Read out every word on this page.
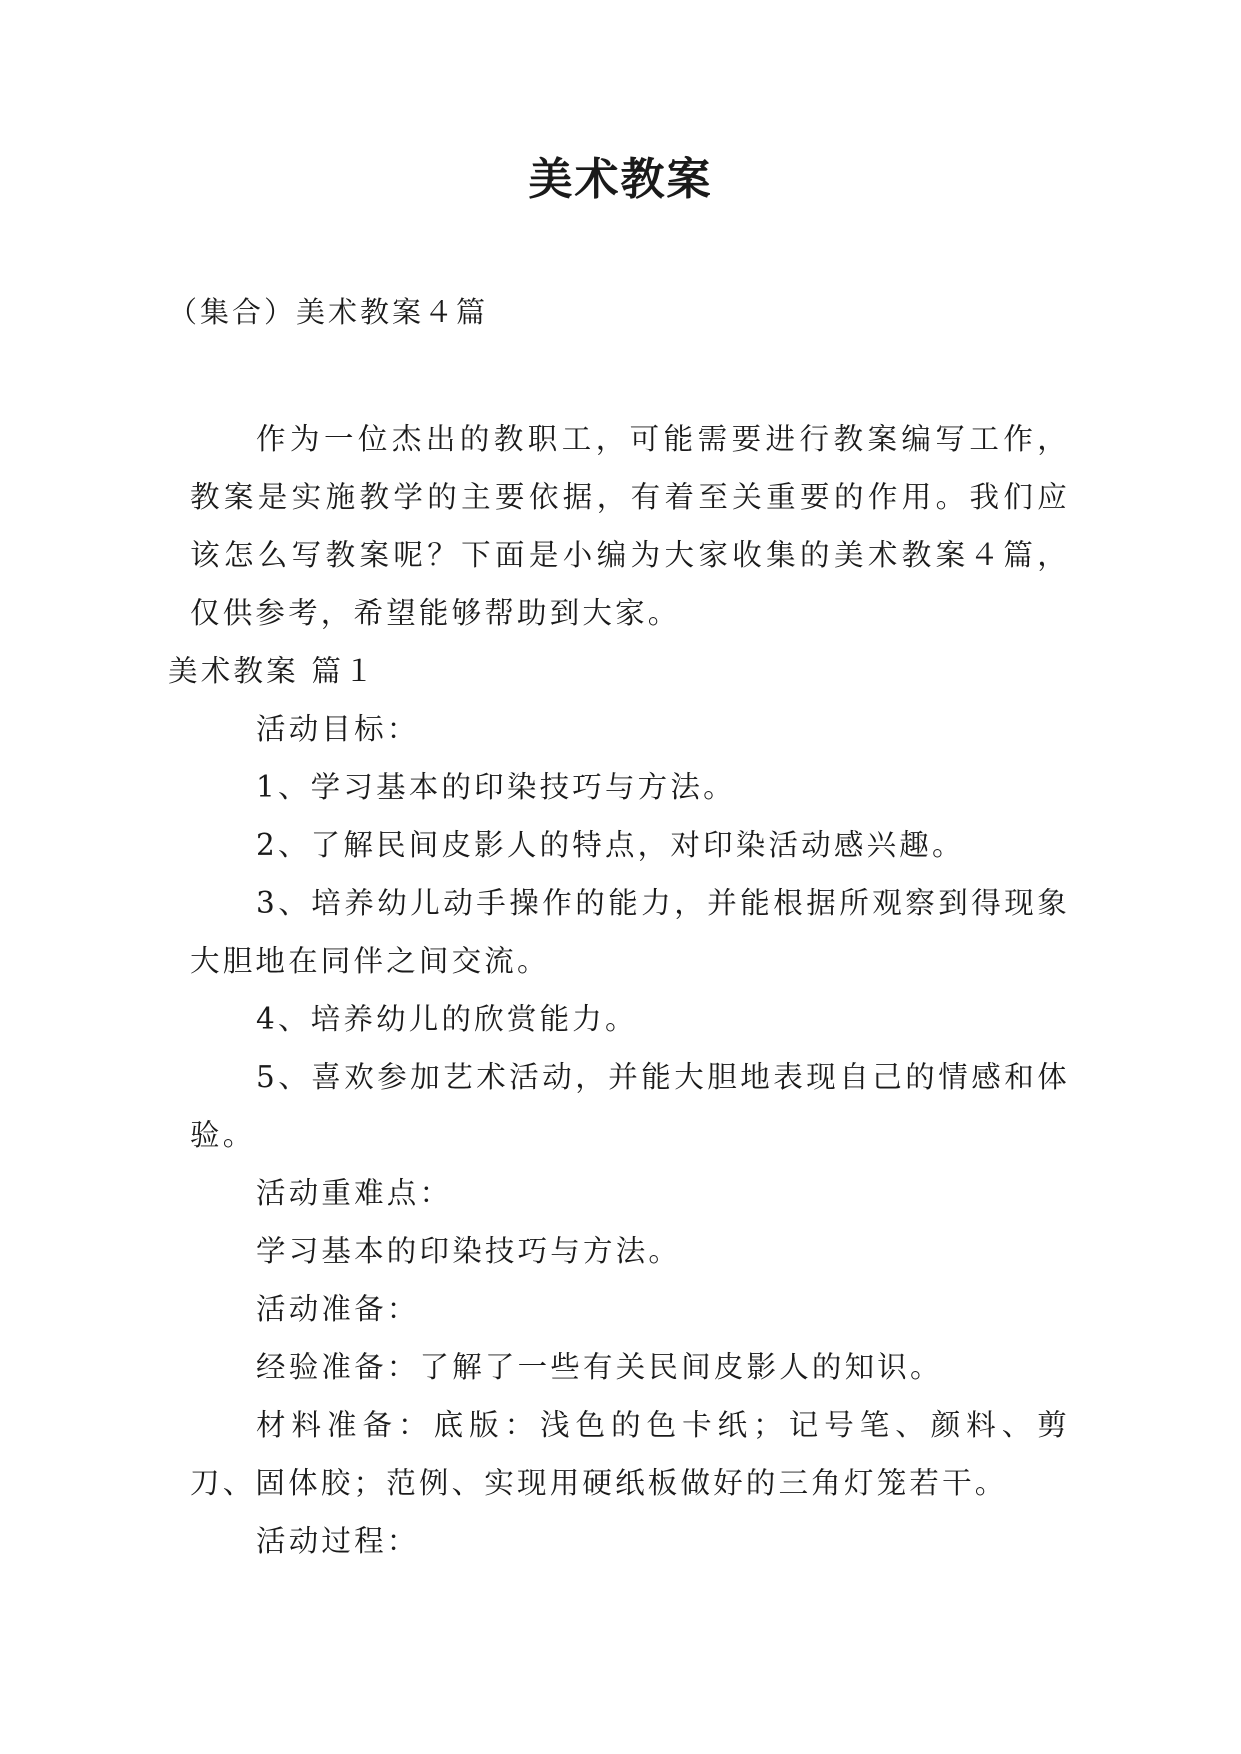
美术教案
（集合）美术教案４篇

作为一位杰出的教职工，可能需要进行教案编写工作，教案是实施教学的主要依据，有着至关重要的作用。我们应该怎么写教案呢？下面是小编为大家收集的美术教案４篇，仅供参考，希望能够帮助到大家。

美术教案 篇１

活动目标：

1、学习基本的印染技巧与方法。

2、了解民间皮影人的特点，对印染活动感兴趣。

3、培养幼儿动手操作的能力，并能根据所观察到得现象大胆地在同伴之间交流。

4、培养幼儿的欣赏能力。

5、喜欢参加艺术活动，并能大胆地表现自己的情感和体验。

活动重难点：

学习基本的印染技巧与方法。

活动准备：

经验准备：了解了一些有关民间皮影人的知识。

材料准备：底版：浅色的色卡纸；记号笔、颜料、剪刀、固体胶；范例、实现用硬纸板做好的三角灯笼若干。

活动过程：
